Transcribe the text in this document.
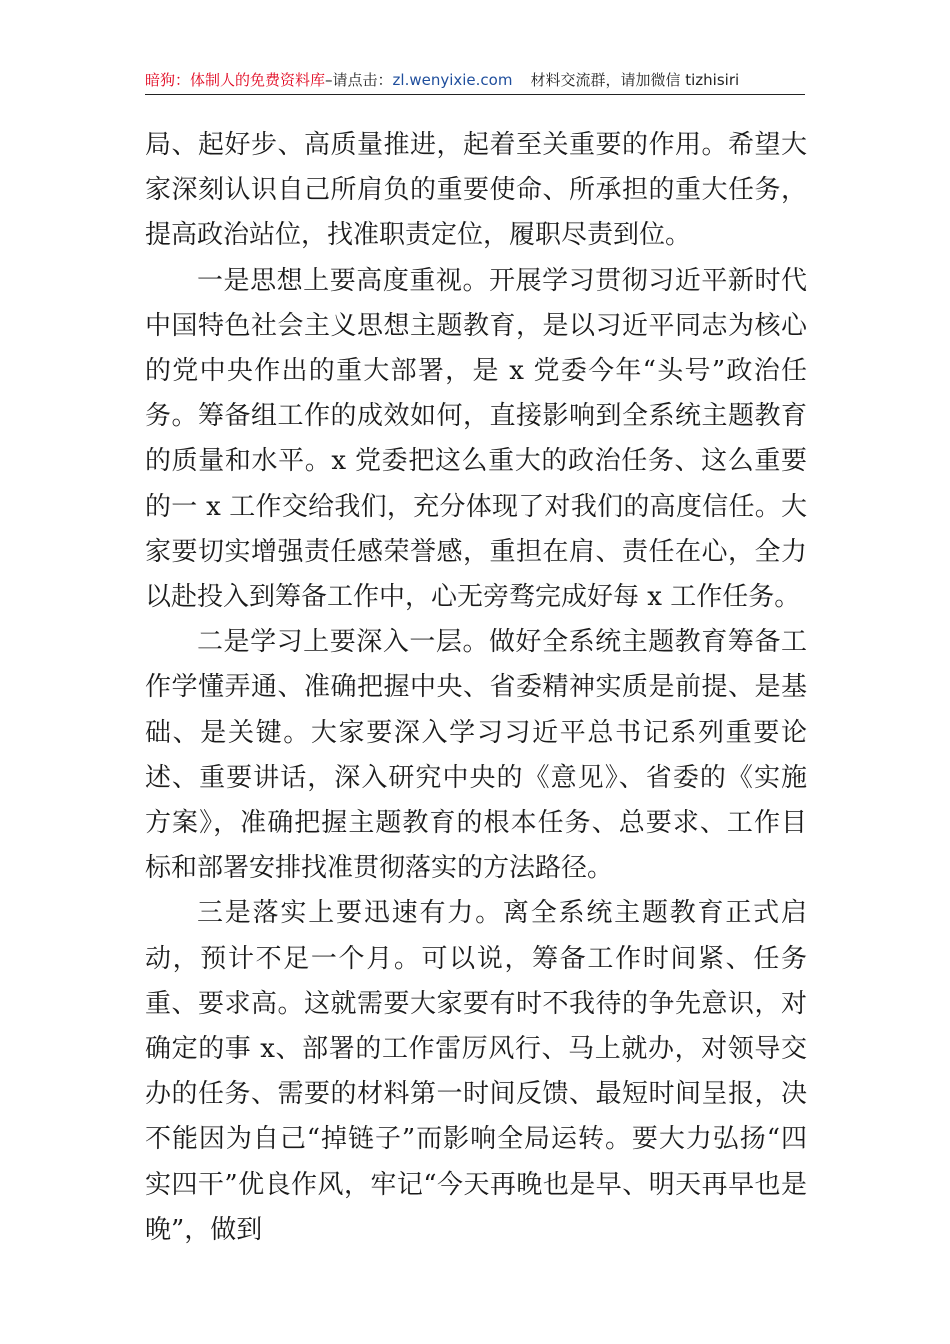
暗狗：体制人的免费资料库–请点击：zl.wenyixie.com 材料交流群，请加微信 tizhisiri

局、起好步、高质量推进，起着至关重要的作用。希望大家深刻认识自己所肩负的重要使命、所承担的重大任务，提高政治站位，找准职责定位，履职尽责到位。

一是思想上要高度重视。开展学习贯彻习近平新时代中国特色社会主义思想主题教育，是以习近平同志为核心的党中央作出的重大部署，是 x 党委今年“头号”政治任务。筹备组工作的成效如何，直接影响到全系统主题教育的质量和水平。x 党委把这么重大的政治任务、这么重要的一 x 工作交给我们，充分体现了对我们的高度信任。大家要切实增强责任感荣誉感，重担在肩、责任在心，全力以赴投入到筹备工作中，心无旁骛完成好每 x 工作任务。

二是学习上要深入一层。做好全系统主题教育筹备工作学懂弄通、准确把握中央、省委精神实质是前提、是基础、是关键。大家要深入学习习近平总书记系列重要论述、重要讲话，深入研究中央的《意见》、省委的《实施方案》，准确把握主题教育的根本任务、总要求、工作目标和部署安排找准贯彻落实的方法路径。

三是落实上要迅速有力。离全系统主题教育正式启动，预计不足一个月。可以说，筹备工作时间紧、任务重、要求高。这就需要大家要有时不我待的争先意识，对确定的事 x、部署的工作雷厉风行、马上就办，对领导交办的任务、需要的材料第一时间反馈、最短时间呈报，决不能因为自己“掉链子”而影响全局运转。要大力弘扬“四实四干”优良作风，牢记“今天再晚也是早、明天再早也是晚”，做到
